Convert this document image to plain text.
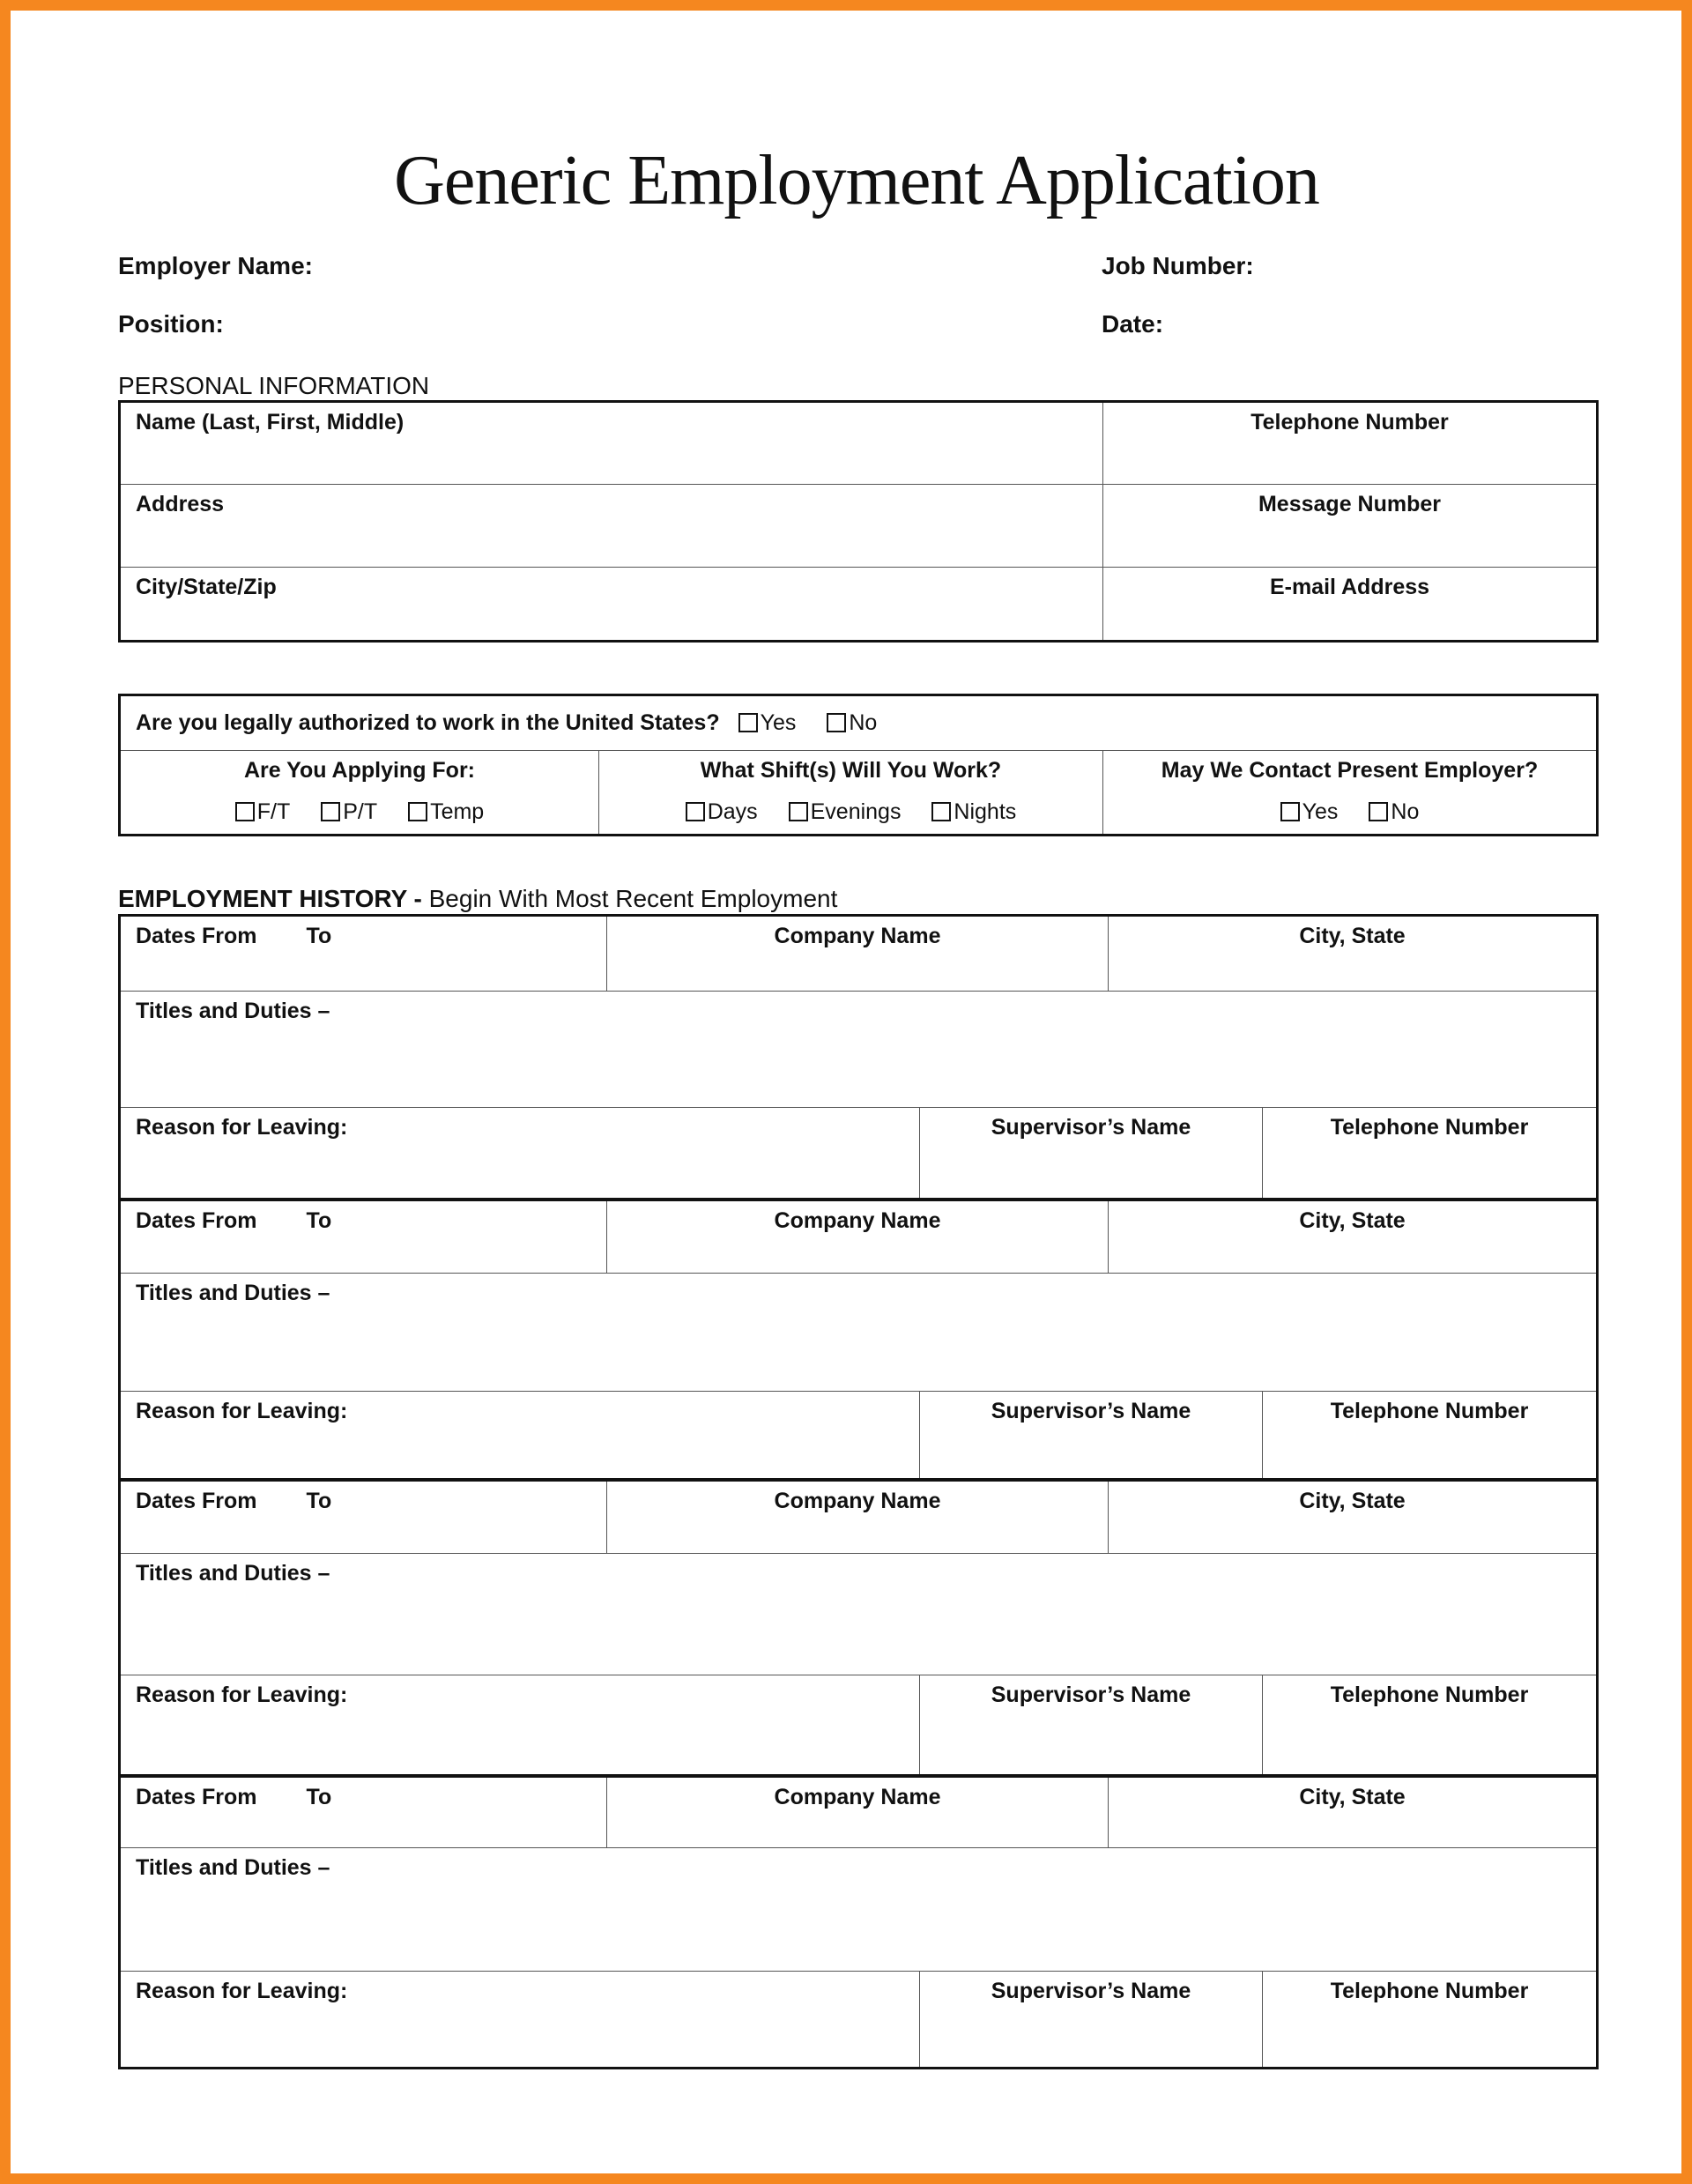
Generic Employment Application
Employer Name:	Job Number:
Position:	Date:
PERSONAL INFORMATION
Name (Last, First, Middle)	Telephone Number

Address	Message Number

City/State/Zip	E-mail Address
Are you legally authorized to work in the United States? Yes No

Are You Applying For:
F/T P/T Temp

What Shift(s) Will You Work?
Days Evenings Nights

May We Contact Present Employer?
Yes No
EMPLOYMENT HISTORY - Begin With Most Recent Employment
Dates From To	Company Name		City, State	

Titles and Duties –				

Reason for Leaving:		Supervisor’s Name		Telephone Number

Dates From To	Company Name		City, State	

Titles and Duties –				

Reason for Leaving:		Supervisor’s Name		Telephone Number

Dates From To	Company Name		City, State	

Titles and Duties –				

Reason for Leaving:		Supervisor’s Name		Telephone Number

Dates From To	Company Name		City, State	

Titles and Duties –				

Reason for Leaving:		Supervisor’s Name		Telephone Number
